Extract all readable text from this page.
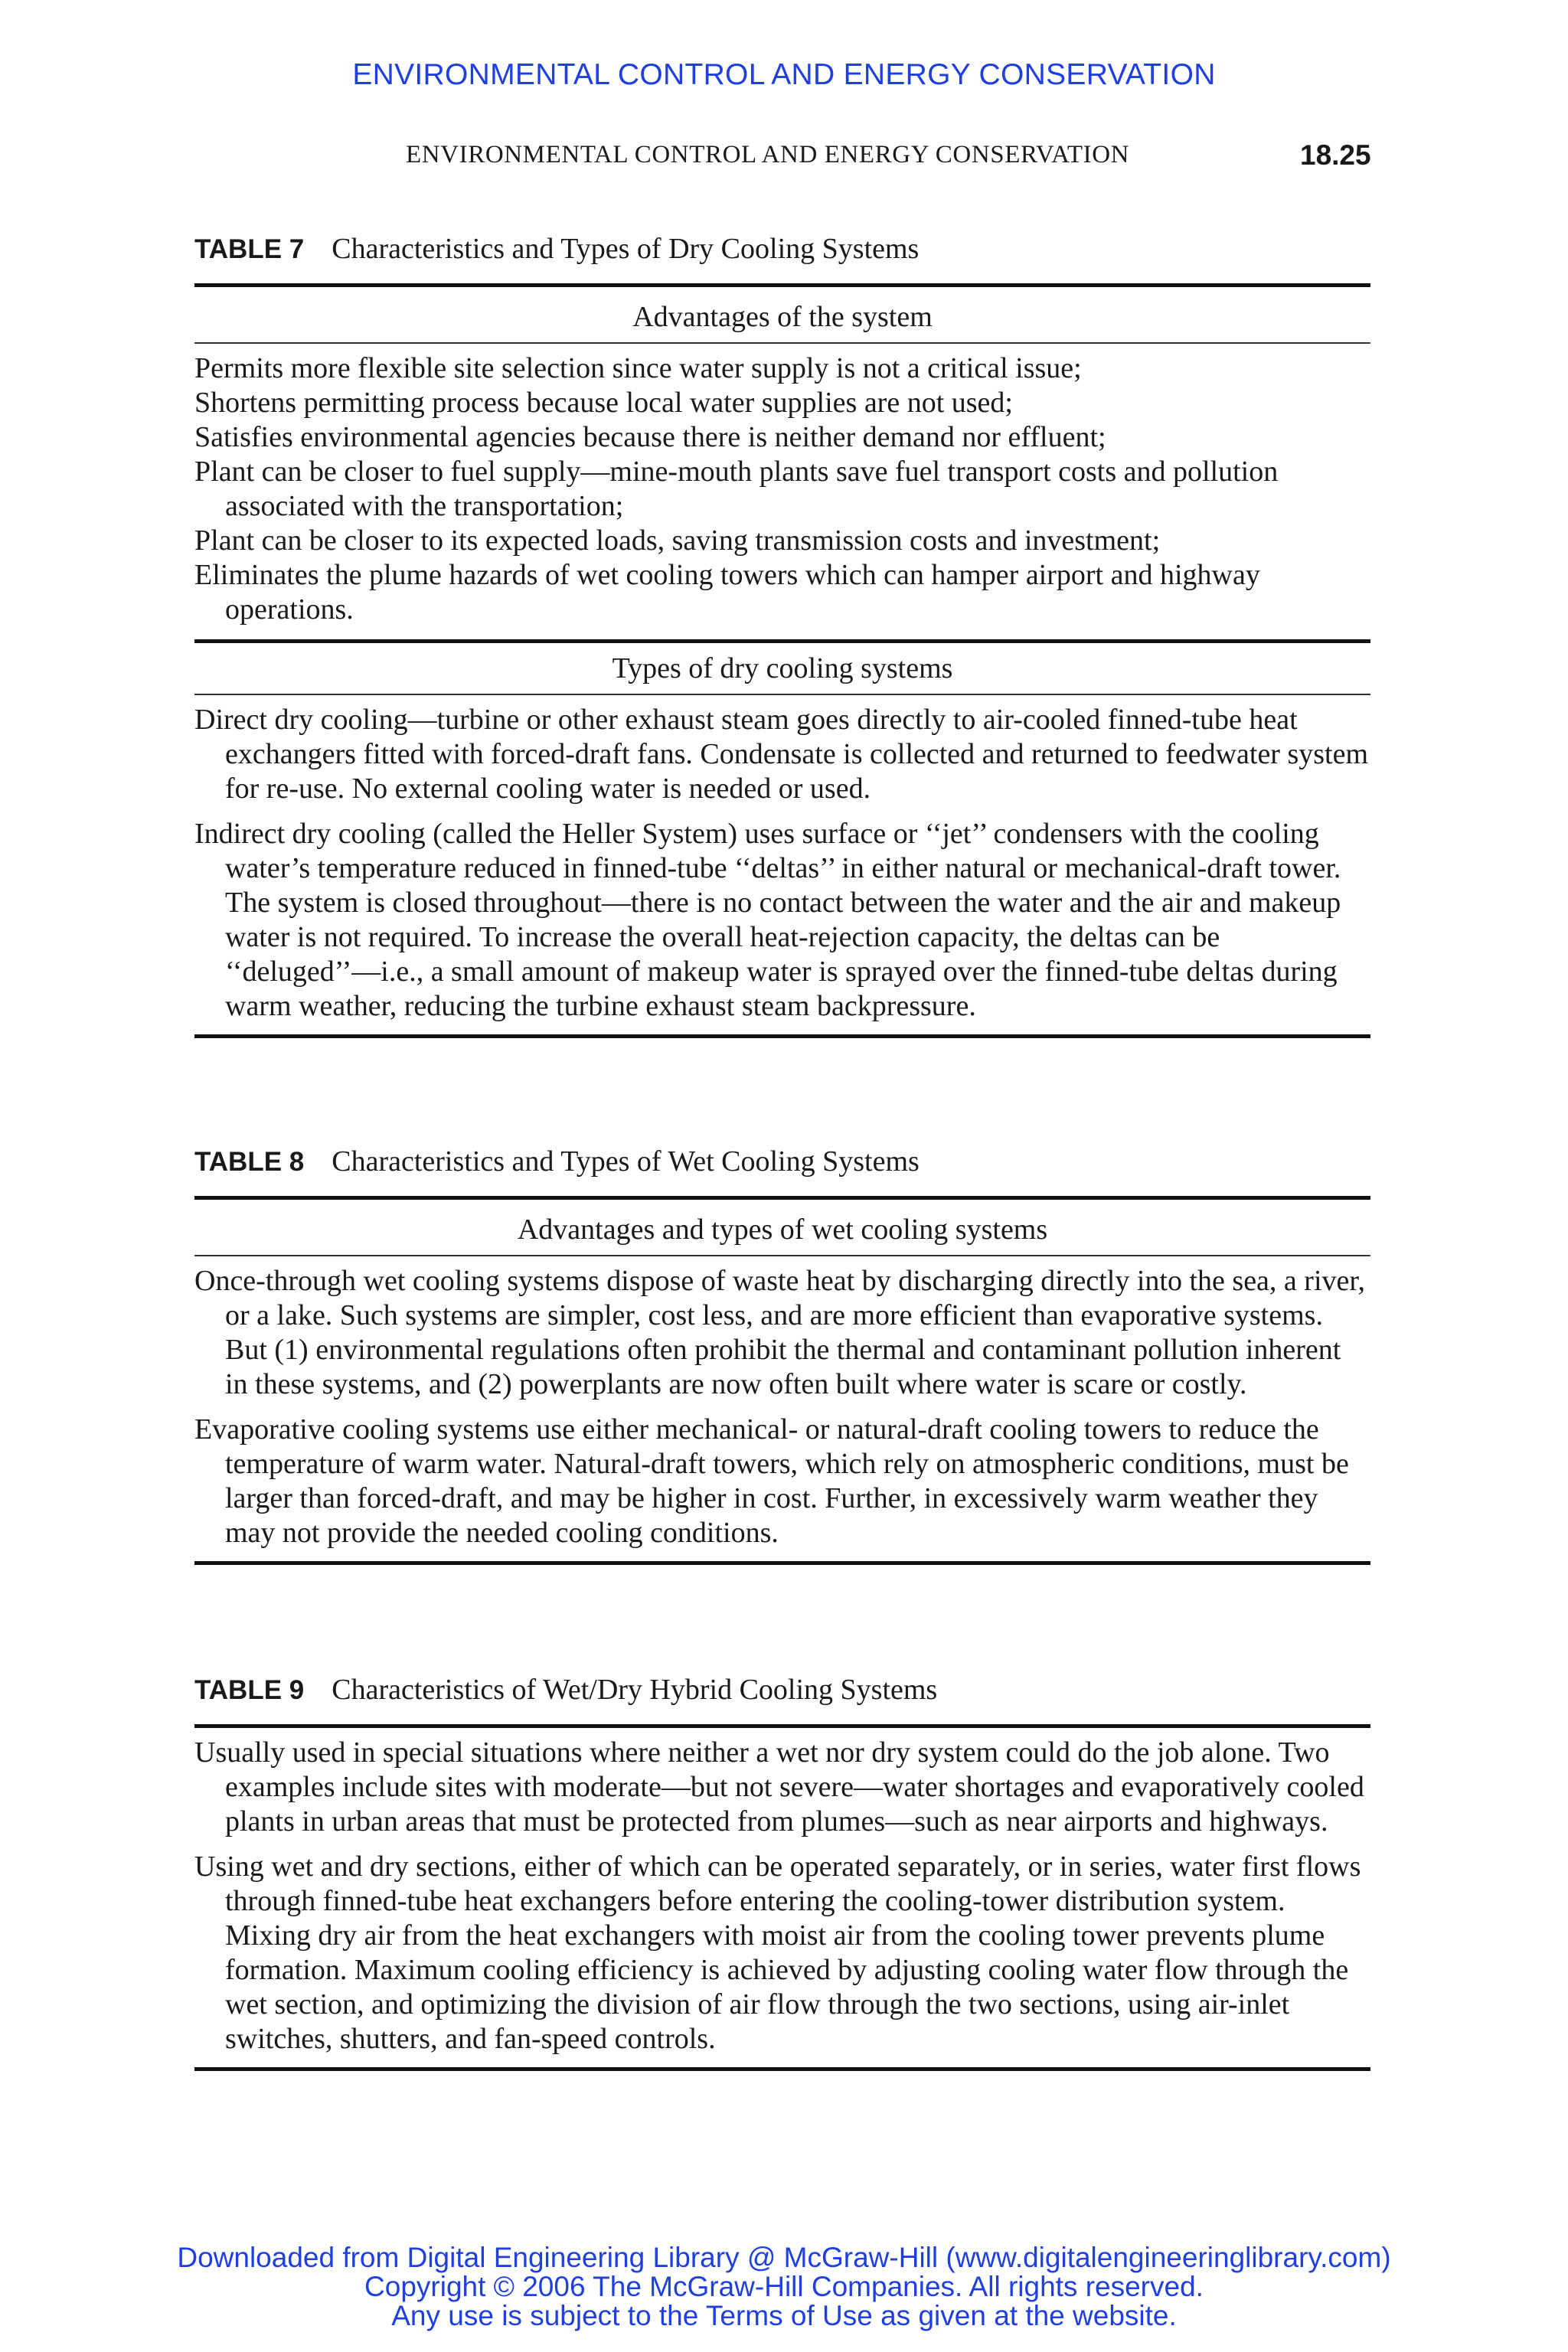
ENVIRONMENTAL CONTROL AND ENERGY CONSERVATION
ENVIRONMENTAL CONTROL AND ENERGY CONSERVATION	18.25
TABLE 7 Characteristics and Types of Dry Cooling Systems
Advantages of the system
Permits more flexible site selection since water supply is not a critical issue;
Shortens permitting process because local water supplies are not used;
Satisfies environmental agencies because there is neither demand nor effluent;
Plant can be closer to fuel supply—mine-mouth plants save fuel transport costs and pollution associated with the transportation;
Plant can be closer to its expected loads, saving transmission costs and investment;
Eliminates the plume hazards of wet cooling towers which can hamper airport and highway operations.
Types of dry cooling systems
Direct dry cooling—turbine or other exhaust steam goes directly to air-cooled finned-tube heat exchangers fitted with forced-draft fans. Condensate is collected and returned to feedwater system for re-use. No external cooling water is needed or used.
Indirect dry cooling (called the Heller System) uses surface or ‘‘jet’’ condensers with the cooling water’s temperature reduced in finned-tube ‘‘deltas’’ in either natural or mechanical-draft tower. The system is closed throughout—there is no contact between the water and the air and makeup water is not required. To increase the overall heat-rejection capacity, the deltas can be ‘‘deluged’’—i.e., a small amount of makeup water is sprayed over the finned-tube deltas during warm weather, reducing the turbine exhaust steam backpressure.
TABLE 8 Characteristics and Types of Wet Cooling Systems
Advantages and types of wet cooling systems
Once-through wet cooling systems dispose of waste heat by discharging directly into the sea, a river, or a lake. Such systems are simpler, cost less, and are more efficient than evaporative systems. But (1) environmental regulations often prohibit the thermal and contaminant pollution inherent in these systems, and (2) powerplants are now often built where water is scare or costly.
Evaporative cooling systems use either mechanical- or natural-draft cooling towers to reduce the temperature of warm water. Natural-draft towers, which rely on atmospheric conditions, must be larger than forced-draft, and may be higher in cost. Further, in excessively warm weather they may not provide the needed cooling conditions.
TABLE 9 Characteristics of Wet/Dry Hybrid Cooling Systems
Usually used in special situations where neither a wet nor dry system could do the job alone. Two examples include sites with moderate—but not severe—water shortages and evaporatively cooled plants in urban areas that must be protected from plumes—such as near airports and highways.
Using wet and dry sections, either of which can be operated separately, or in series, water first flows through finned-tube heat exchangers before entering the cooling-tower distribution system. Mixing dry air from the heat exchangers with moist air from the cooling tower prevents plume formation. Maximum cooling efficiency is achieved by adjusting cooling water flow through the wet section, and optimizing the division of air flow through the two sections, using air-inlet switches, shutters, and fan-speed controls.
Downloaded from Digital Engineering Library @ McGraw-Hill (www.digitalengineeringlibrary.com)
Copyright © 2006 The McGraw-Hill Companies. All rights reserved.
Any use is subject to the Terms of Use as given at the website.
